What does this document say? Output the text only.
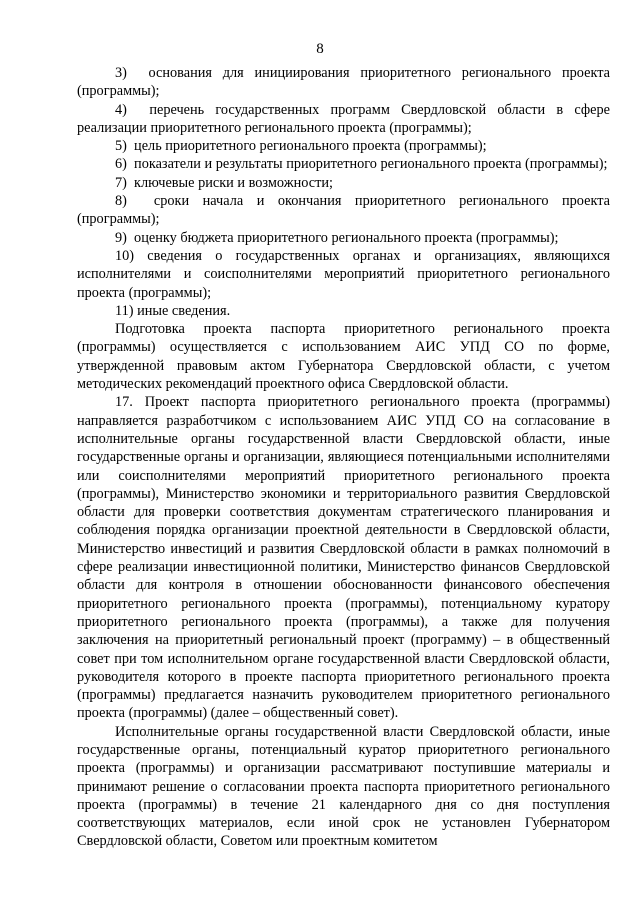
8

3)  основания для инициирования приоритетного регионального проекта (программы);

4)  перечень государственных программ Свердловской области в сфере реализации приоритетного регионального проекта (программы);

5)  цель приоритетного регионального проекта (программы);

6)  показатели и результаты приоритетного регионального проекта (программы);

7)  ключевые риски и возможности;

8)  сроки начала и окончания приоритетного регионального проекта (программы);

9)  оценку бюджета приоритетного регионального проекта (программы);

10) сведения о государственных органах и организациях, являющихся исполнителями и соисполнителями мероприятий приоритетного регионального проекта (программы);

11) иные сведения.

Подготовка проекта паспорта приоритетного регионального проекта (программы) осуществляется с использованием АИС УПД СО по форме, утвержденной правовым актом Губернатора Свердловской области, с учетом методических рекомендаций проектного офиса Свердловской области.

17. Проект паспорта приоритетного регионального проекта (программы) направляется разработчиком с использованием АИС УПД СО на согласование в исполнительные органы государственной власти Свердловской области, иные государственные органы и организации, являющиеся потенциальными исполнителями или соисполнителями мероприятий приоритетного регионального проекта (программы), Министерство экономики и территориального развития Свердловской области для проверки соответствия документам стратегического планирования и соблюдения порядка организации проектной деятельности в Свердловской области, Министерство инвестиций и развития Свердловской области в рамках полномочий в сфере реализации инвестиционной политики, Министерство финансов Свердловской области для контроля в отношении обоснованности финансового обеспечения приоритетного регионального проекта (программы), потенциальному куратору приоритетного регионального проекта (программы), а также для получения заключения на приоритетный региональный проект (программу) – в общественный совет при том исполнительном органе государственной власти Свердловской области, руководителя которого в проекте паспорта приоритетного регионального проекта (программы) предлагается назначить руководителем приоритетного регионального проекта (программы) (далее – общественный совет).

Исполнительные органы государственной власти Свердловской области, иные государственные органы, потенциальный куратор приоритетного регионального проекта (программы) и организации рассматривают поступившие материалы и принимают решение о согласовании проекта паспорта приоритетного регионального проекта (программы) в течение 21 календарного дня со дня поступления соответствующих материалов, если иной срок не установлен Губернатором Свердловской области, Советом или проектным комитетом
